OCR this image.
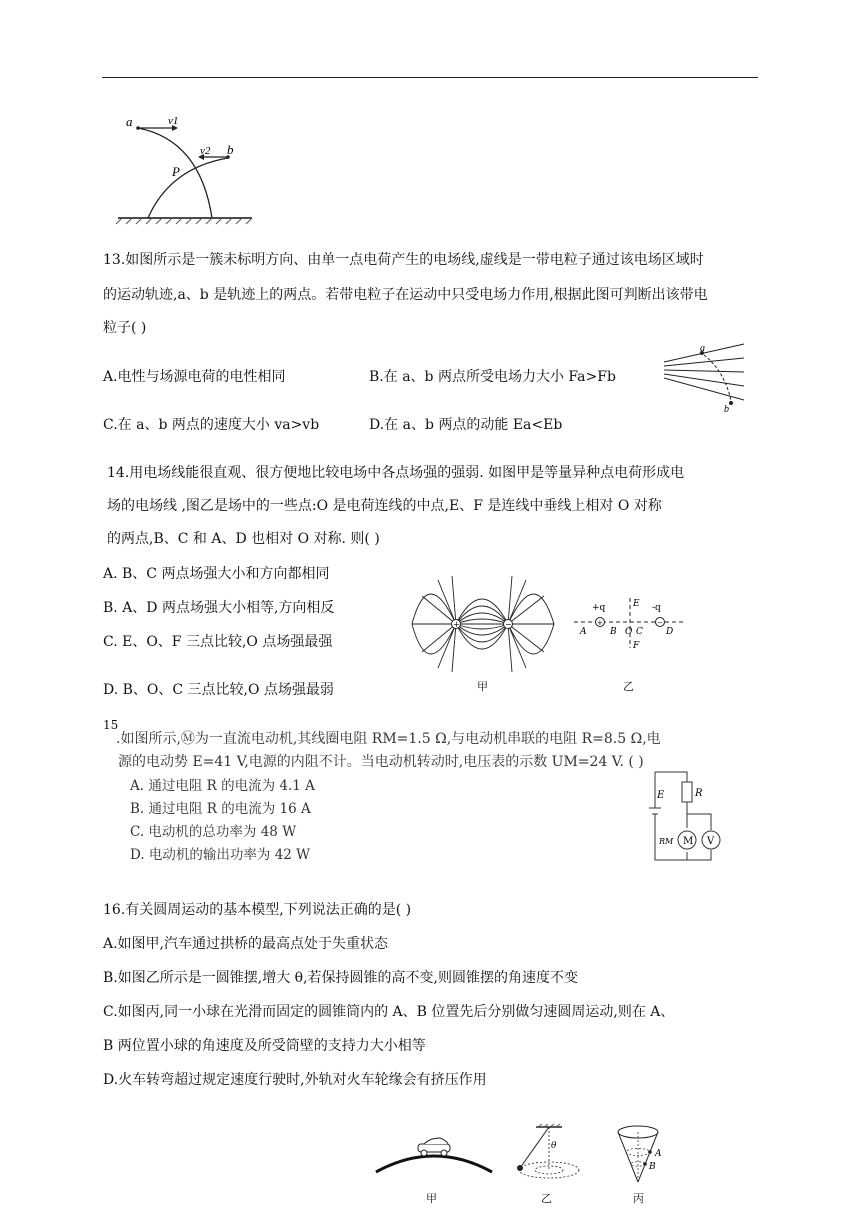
a	v1
v2 b
P
13.如图所示是一簇未标明方向、由单一点电荷产生的电场线,虚线是一带电粒子通过该电场区域时
的运动轨迹,a、b 是轨迹上的两点。若带电粒子在运动中只受电场力作用,根据此图可判断出该带电
粒子( )
A.电性与场源电荷的电性相同	B.在 a、b 两点所受电场力大小 Fa>Fb
C.在 a、b 两点的速度大小 va>vb	D.在 a、b 两点的动能 Ea<Eb
a
b
14.用电场线能很直观、很方便地比较电场中各点场强的强弱. 如图甲是等量异种点电荷形成电
场的电场线 ,图乙是场中的一些点:O 是电荷连线的中点,E、F 是连线中垂线上相对 O 对称
的两点,B、C 和 A、D 也相对 O 对称. 则( )
A. B、C 两点场强大小和方向都相同
B. A、D 两点场强大小相等,方向相反
C. E、O、F 三点比较,O 点场强最强
D. B、O、C 三点比较,O 点场强最弱
+	−
甲
+	−
+q	-q
A	B O C	D
E
F
乙
15
.如图所示,Ⓜ为一直流电动机,其线圈电阻 RM=1.5 Ω,与电动机串联的电阻 R=8.5 Ω,电
源的电动势 E=41 V,电源的内阻不计。当电动机转动时,电压表的示数 UM=24 V. ( )
A. 通过电阻 R 的电流为 4.1 A
B. 通过电阻 R 的电流为 16 A
C. 电动机的总功率为 48 W
D. 电动机的输出功率为 42 W
M V
E	R
RM
16.有关圆周运动的基本模型,下列说法正确的是( )
A.如图甲,汽车通过拱桥的最高点处于失重状态
B.如图乙所示是一圆锥摆,增大 θ,若保持圆锥的高不变,则圆锥摆的角速度不变
C.如图丙,同一小球在光滑而固定的圆锥筒内的 A、B 位置先后分别做匀速圆周运动,则在 A、
B 两位置小球的角速度及所受筒壁的支持力大小相等
D.火车转弯超过规定速度行驶时,外轨对火车轮缘会有挤压作用
甲
θ
乙
A
B
丙
